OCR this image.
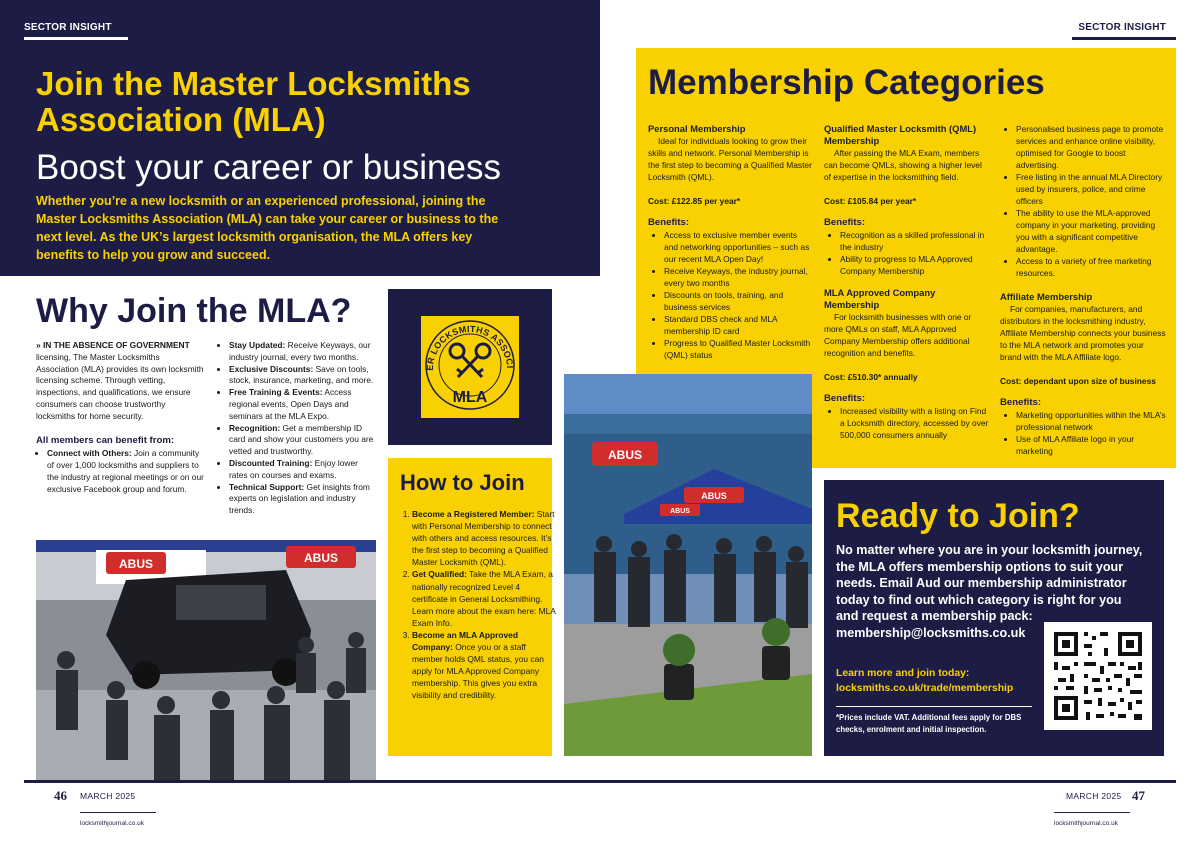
SECTOR INSIGHT
Join the Master Locksmiths Association (MLA)
Boost your career or business
Whether you’re a new locksmith or an experienced professional, joining the Master Locksmiths Association (MLA) can take your career or business to the next level. As the UK’s largest locksmith organisation, the MLA offers key benefits to help you grow and succeed.
Why Join the MLA?
» IN THE ABSENCE OF GOVERNMENT licensing, The Master Locksmiths Association (MLA) provides its own locksmith licensing scheme. Through vetting, inspections, and qualifications, we ensure consumers can choose trustworthy locksmiths for home security.
All members can benefit from:
• Connect with Others: Join a community of over 1,000 locksmiths and suppliers to the industry at regional meetings or on our exclusive Facebook group and forum.
• Stay Updated: Receive Keyways, our industry journal, every two months.
• Exclusive Discounts: Save on tools, stock, insurance, marketing, and more.
• Free Training & Events: Access regional events, Open Days and seminars at the MLA Expo.
• Recognition: Get a membership ID card and show your customers you are vetted and trustworthy.
• Discounted Training: Enjoy lower rates on courses and exams.
• Technical Support: Get insights from experts on legislation and industry trends.
ER LOCKSMITHS ASSOCI
MLA
How to Join
1. Become a Registered Member: Start with Personal Membership to connect with others and access resources. It’s the first step to becoming a Qualified Master Locksmith (QML).
2. Get Qualified: Take the MLA Exam, a nationally recognized Level 4 certificate in General Locksmithing. Learn more about the exam here: MLA Exam Info.
3. Become an MLA Approved Company: Once you or a staff member holds QML status, you can apply for MLA Approved Company membership. This gives you extra visibility and credibility.
ABUS	ABUS
46 MARCH 2025
locksmithjournal.co.uk
SECTOR INSIGHT
Membership Categories
Personal Membership
Ideal for individuals looking to grow their skills and network. Personal Membership is the first step to becoming a Qualified Master Locksmith (QML).
Cost: £122.85 per year*
Benefits:
• Access to exclusive member events and networking opportunities – such as our recent MLA Open Day!
• Receive Keyways, the industry journal, every two months
• Discounts on tools, training, and business services
• Standard DBS check and MLA membership ID card
• Progress to Qualified Master Locksmith (QML) status
Qualified Master Locksmith (QML) Membership
After passing the MLA Exam, members can become QMLs, showing a higher level of expertise in the locksmithing field.
Cost: £105.84 per year*
Benefits:
• Recognition as a skilled professional in the industry
• Ability to progress to MLA Approved Company Membership
MLA Approved Company Membership
For locksmith businesses with one or more QMLs on staff, MLA Approved Company Membership offers additional recognition and benefits.
Cost: £510.30* annually
Benefits:
• Increased visibility with a listing on Find a Locksmith directory, accessed by over 500,000 consumers annually
• Personalised business page to promote services and enhance online visibility, optimised for Google to boost advertising.
• Free listing in the annual MLA Directory used by insurers, police, and crime officers
• The ability to use the MLA-approved company in your marketing, providing you with a significant competitive advantage.
• Access to a variety of free marketing resources.
Affiliate Membership
For companies, manufacturers, and distributors in the locksmithing industry, Affiliate Membership connects your business to the MLA network and promotes your brand with the MLA Affiliate logo.
Cost: dependant upon size of business
Benefits:
• Marketing opportunities within the MLA’s professional network
• Use of MLA Affiliate logo in your marketing
ABUS
ABUS
ABUS	Ready to Join?
No matter where you are in your locksmith journey, the MLA offers membership options to suit your needs. Email Aud our membership administrator today to find out which category is right for you and request a membership pack: membership@locksmiths.co.uk
Learn more and join today:
locksmiths.co.uk/trade/membership
*Prices include VAT. Additional fees apply for DBS checks, enrolment and initial inspection.
MARCH 2025 47
locksmithjournal.co.uk
